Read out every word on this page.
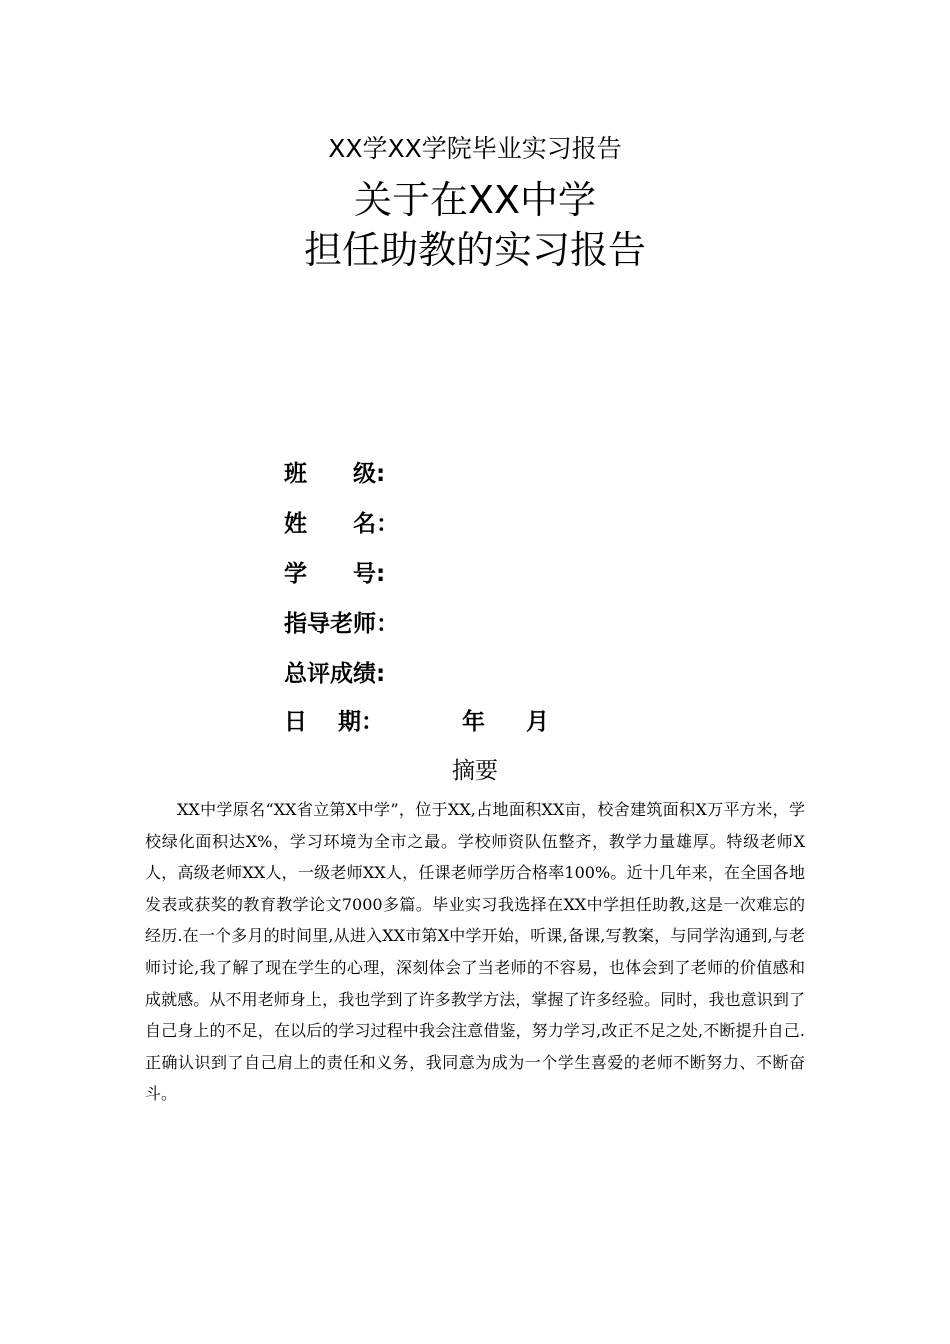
XX学XX学院毕业实习报告
关于在XX中学
担任助教的实习报告
班　　级:
姓　　名：
学　　号:
指导老师：
总评成绩:
日　 期：	年 月
摘要

XX中学原名“XX省立第X中学”，位于XX,占地面积XX亩，校舍建筑面积X万平方米，学校绿化面积达X%，学习环境为全市之最。学校师资队伍整齐，教学力量雄厚。特级老师X人，高级老师XX人，一级老师XX人，任课老师学历合格率100%。近十几年来，在全国各地发表或获奖的教育教学论文7000多篇。毕业实习我选择在XX中学担任助教,这是一次难忘的经历.在一个多月的时间里,从进入XX市第X中学开始，听课,备课,写教案，与同学沟通到,与老师讨论,我了解了现在学生的心理，深刻体会了当老师的不容易，也体会到了老师的价值感和成就感。从不用老师身上，我也学到了许多教学方法，掌握了许多经验。同时，我也意识到了自己身上的不足，在以后的学习过程中我会注意借鉴，努力学习,改正不足之处,不断提升自己.正确认识到了自己肩上的责任和义务，我同意为成为一个学生喜爱的老师不断努力、不断奋斗。
